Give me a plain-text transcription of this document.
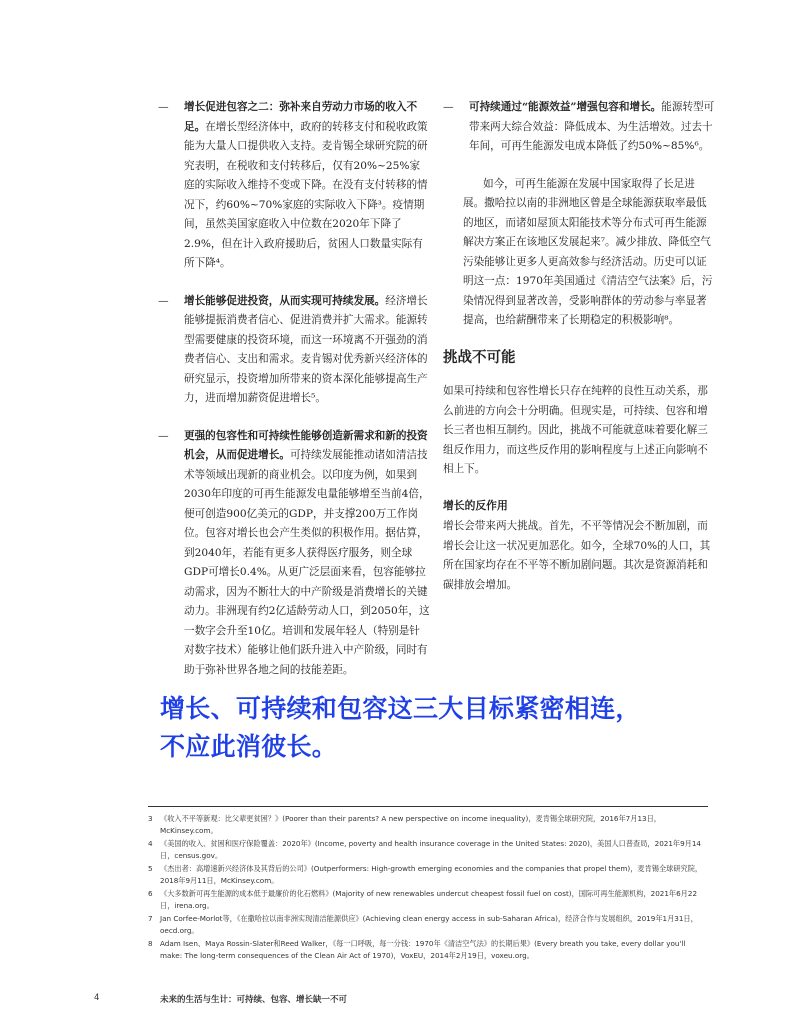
—	增长促进包容之二：弥补来自劳动力市场的收入不足。在增长型经济体中，政府的转移支付和税收政策能为大量人口提供收入支持。麦肯锡全球研究院的研究表明，在税收和支付转移后，仅有20%~25%家庭的实际收入维持不变或下降。在没有支付转移的情况下，约60%~70%家庭的实际收入下降³。疫情期间，虽然美国家庭收入中位数在2020年下降了2.9%，但在计入政府援助后，贫困人口数量实际有所下降⁴。
—	增长能够促进投资，从而实现可持续发展。经济增长能够提振消费者信心、促进消费并扩大需求。能源转型需要健康的投资环境，而这一环境离不开强劲的消费者信心、支出和需求。麦肯锡对优秀新兴经济体的研究显示，投资增加所带来的资本深化能够提高生产力，进而增加薪资促进增长⁵。
—	更强的包容性和可持续性能够创造新需求和新的投资机会，从而促进增长。可持续发展能推动诸如清洁技术等领域出现新的商业机会。以印度为例，如果到2030年印度的可再生能源发电量能够增至当前4倍，便可创造900亿美元的GDP，并支撑200万工作岗位。包容对增长也会产生类似的积极作用。据估算，到2040年，若能有更多人获得医疗服务，则全球GDP可增长0.4%。从更广泛层面来看，包容能够拉动需求，因为不断壮大的中产阶级是消费增长的关键动力。非洲现有约2亿适龄劳动人口，到2050年，这一数字会升至10亿。培训和发展年轻人（特别是针对数字技术）能够让他们跃升进入中产阶级，同时有助于弥补世界各地之间的技能差距。
—	可持续通过“能源效益”增强包容和增长。能源转型可带来两大综合效益：降低成本、为生活增效。过去十年间，可再生能源发电成本降低了约50%~85%⁶。
如今，可再生能源在发展中国家取得了长足进展。撒哈拉以南的非洲地区曾是全球能源获取率最低的地区，而诸如屋顶太阳能技术等分布式可再生能源解决方案正在该地区发展起来⁷。减少排放、降低空气污染能够让更多人更高效参与经济活动。历史可以证明这一点：1970年美国通过《清洁空气法案》后，污染情况得到显著改善，受影响群体的劳动参与率显著提高，也给薪酬带来了长期稳定的积极影响⁸。
挑战不可能
如果可持续和包容性增长只存在纯粹的良性互动关系，那么前进的方向会十分明确。但现实是，可持续、包容和增长三者也相互制约。因此，挑战不可能就意味着要化解三组反作用力，而这些反作用的影响程度与上述正向影响不相上下。
增长的反作用
增长会带来两大挑战。首先，不平等情况会不断加剧，而增长会让这一状况更加恶化。如今，全球70%的人口，其所在国家均存在不平等不断加剧问题。其次是资源消耗和碳排放会增加。
增长、可持续和包容这三大目标紧密相连，
不应此消彼长。
3 《收入不平等新观：比父辈更贫困？》(Poorer than their parents? A new perspective on income inequality)，麦肯锡全球研究院，2016年7月13日，McKinsey.com。
4 《美国的收入、贫困和医疗保险覆盖：2020年》(Income, poverty and health insurance coverage in the United States: 2020)，美国人口普查局，2021年9月14日，census.gov。
5 《杰出者：高增速新兴经济体及其背后的公司》(Outperformers: High-growth emerging economies and the companies that propel them)，麦肯锡全球研究院，2018年9月11日，McKinsey.com。
6 《大多数新可再生能源的成本低于最廉价的化石燃料》(Majority of new renewables undercut cheapest fossil fuel on cost)，国际可再生能源机构，2021年6月22日，irena.org。
7 Jan Corfee-Morlot等，《在撒哈拉以南非洲实现清洁能源供应》(Achieving clean energy access in sub-Saharan Africa)，经济合作与发展组织，2019年1月31日，oecd.org。
8 Adam Isen、Maya Rossin-Slater和Reed Walker，《每一口呼吸，每一分钱：1970年《清洁空气法》的长期后果》(Every breath you take, every dollar you'll make: The long-term consequences of the Clean Air Act of 1970)，VoxEU，2014年2月19日，voxeu.org。
4	未来的生活与生计：可持续、包容、增长缺一不可
